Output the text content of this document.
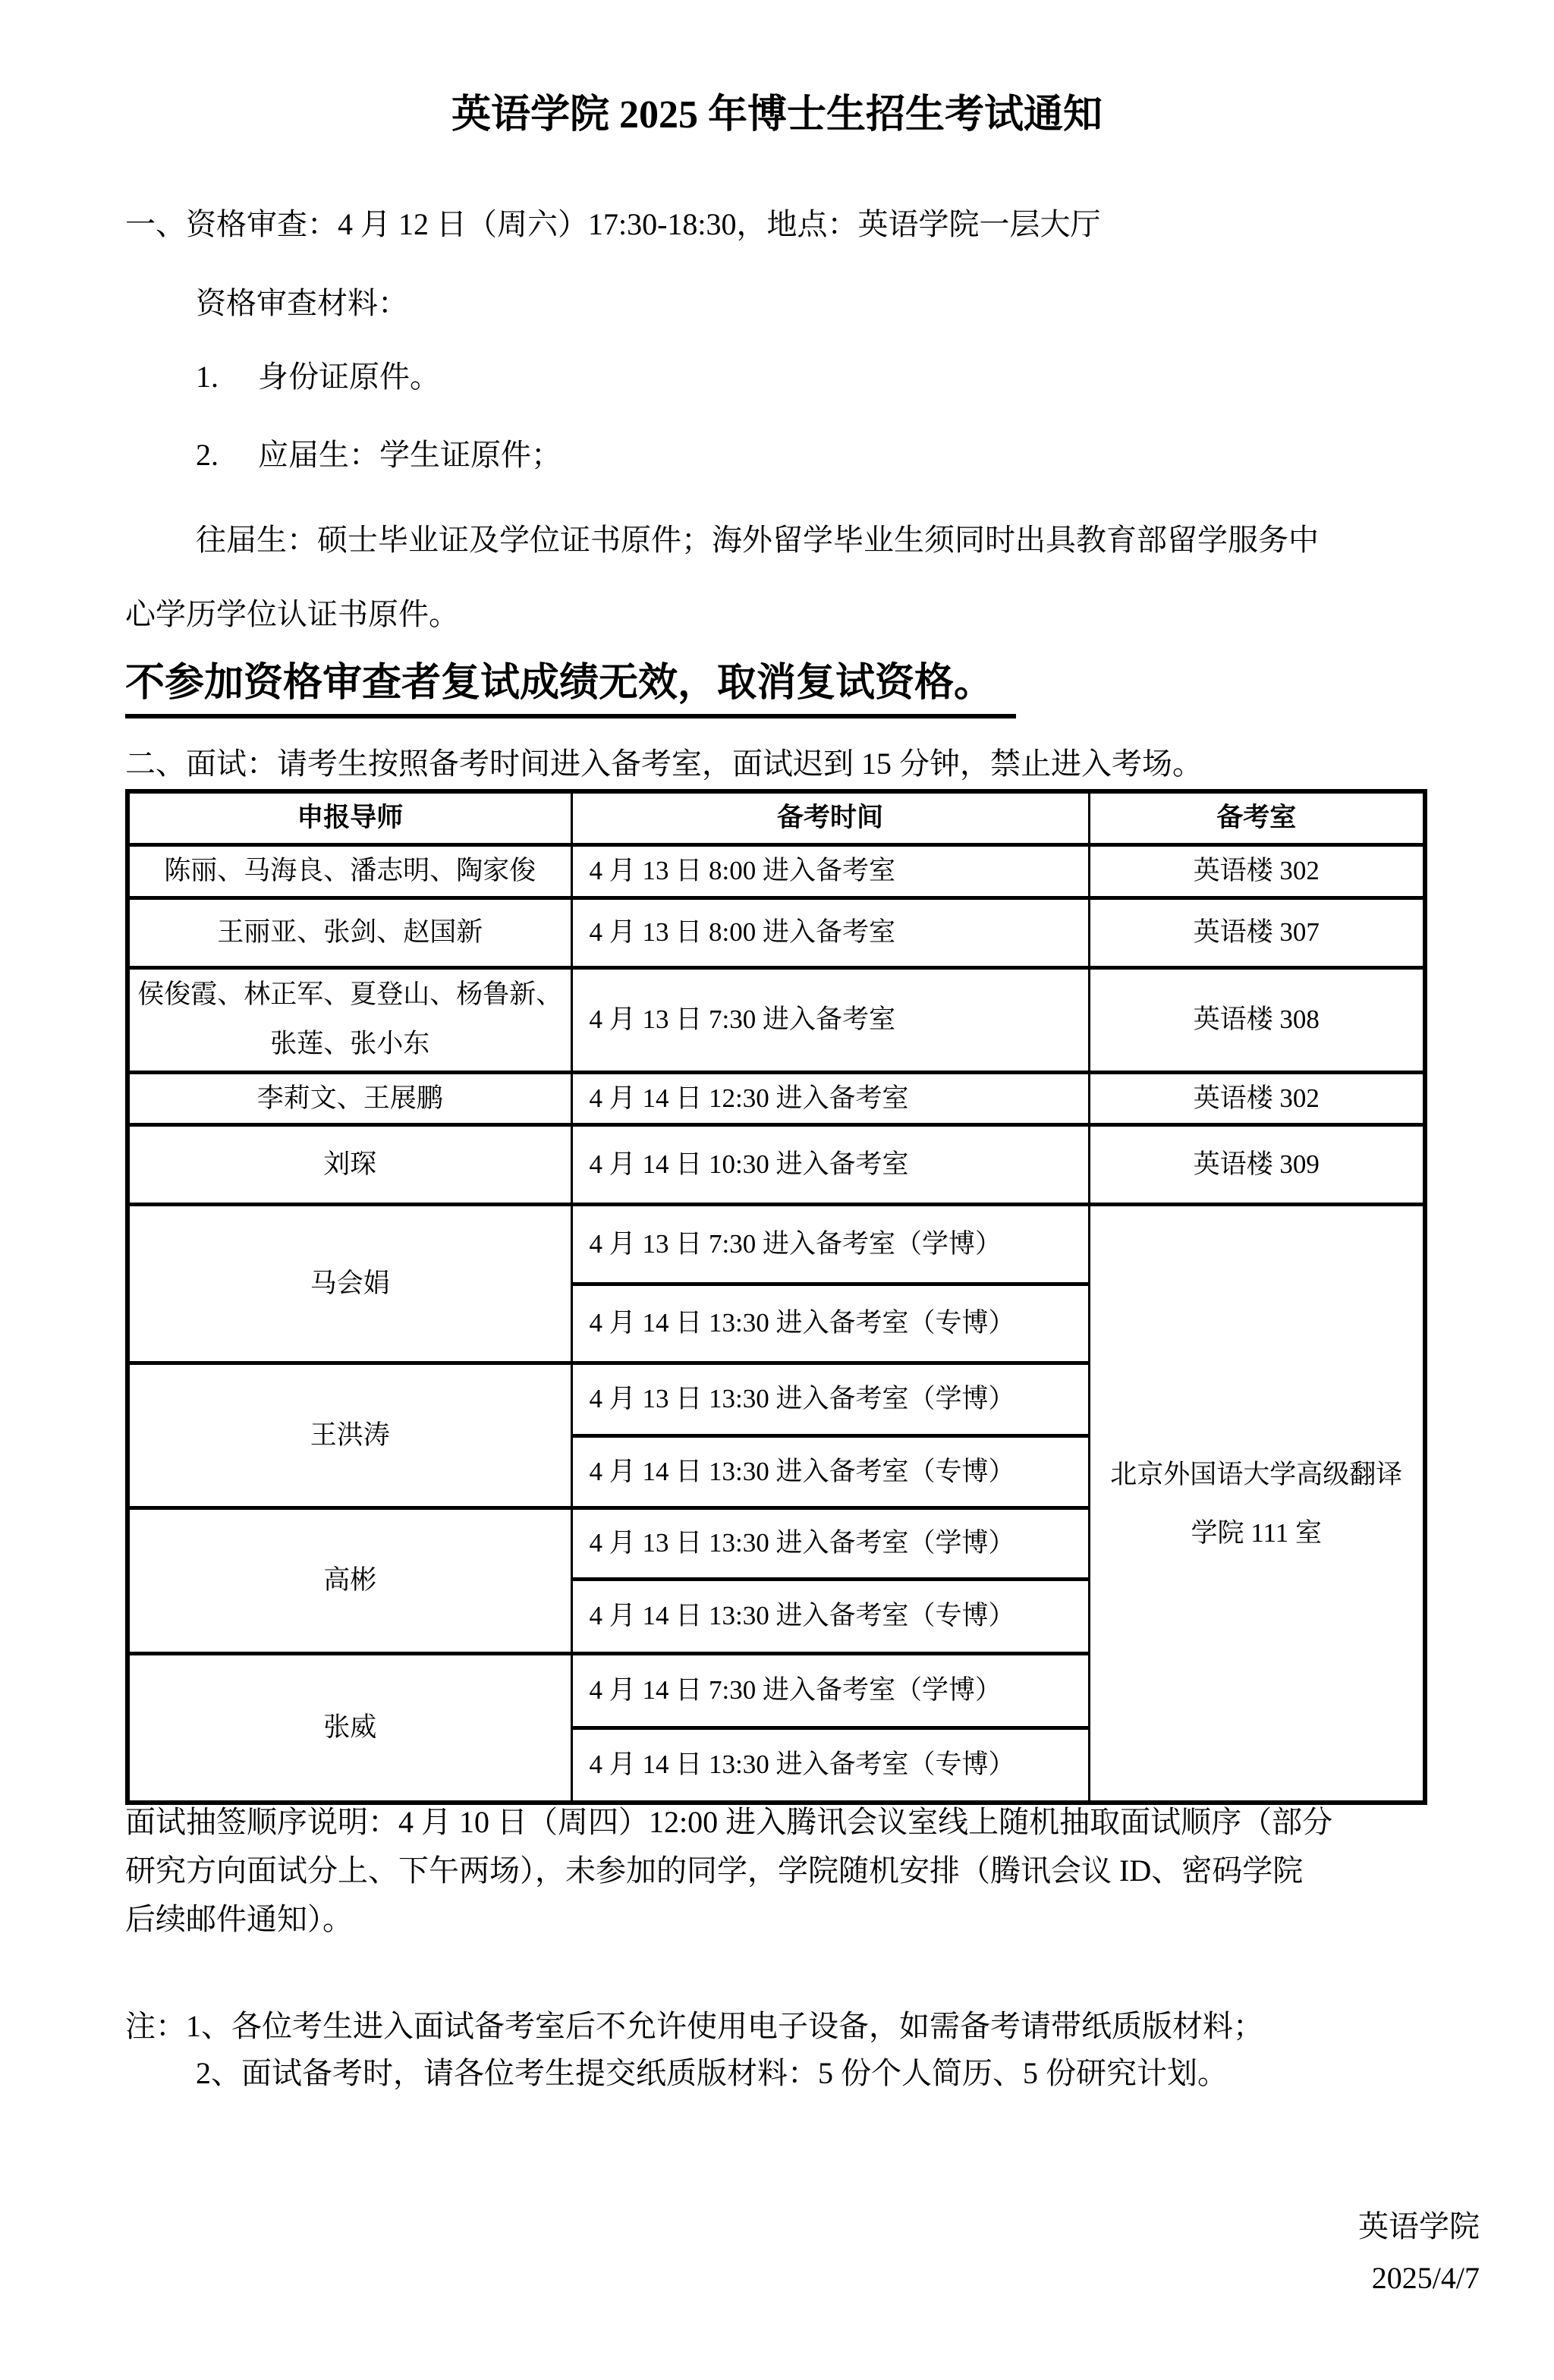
英语学院 2025 年博士生招生考试通知
一、资格审查：4 月 12 日（周六）17:30-18:30，地点：英语学院一层大厅
资格审查材料：
1. 身份证原件。
2. 应届生：学生证原件；
往届生：硕士毕业证及学位证书原件；海外留学毕业生须同时出具教育部留学服务中
心学历学位认证书原件。
不参加资格审查者复试成绩无效，取消复试资格。
二、面试：请考生按照备考时间进入备考室，面试迟到 15 分钟，禁止进入考场。
申报导师	备考时间	备考室
陈丽、马海良、潘志明、陶家俊	4 月 13 日 8:00 进入备考室	英语楼 302
王丽亚、张剑、赵国新	4 月 13 日 8:00 进入备考室	英语楼 307
侯俊霞、林正军、夏登山、杨鲁新、张莲、张小东	4 月 13 日 7:30 进入备考室	英语楼 308
李莉文、王展鹏	4 月 14 日 12:30 进入备考室	英语楼 302
刘琛	4 月 14 日 10:30 进入备考室	英语楼 309
马会娟	4 月 13 日 7:30 进入备考室（学博）	北京外国语大学高级翻译学院 111 室
	4 月 14 日 13:30 进入备考室（专博）	
王洪涛	4 月 13 日 13:30 进入备考室（学博）	
	4 月 14 日 13:30 进入备考室（专博）	
高彬	4 月 13 日 13:30 进入备考室（学博）	
	4 月 14 日 13:30 进入备考室（专博）	
张威	4 月 14 日 7:30 进入备考室（学博）	
	4 月 14 日 13:30 进入备考室（专博）	
面试抽签顺序说明：4 月 10 日（周四）12:00 进入腾讯会议室线上随机抽取面试顺序（部分
研究方向面试分上、下午两场），未参加的同学，学院随机安排（腾讯会议 ID、密码学院
后续邮件通知）。
注：1、各位考生进入面试备考室后不允许使用电子设备，如需备考请带纸质版材料；
2、面试备考时，请各位考生提交纸质版材料：5 份个人简历、5 份研究计划。
英语学院
2025/4/7
